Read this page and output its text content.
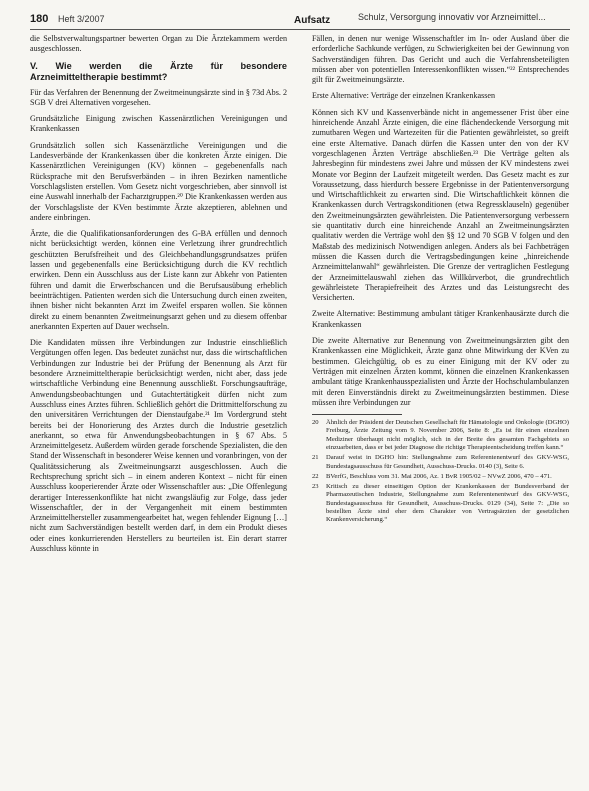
180 Heft 3/2007	Aufsatz	Schulz, Versorgung innovativ vor Arzneimittel...

die Selbstverwaltungspartner bewerten Organ zu Die Ärztekammern werden ausgeschlossen.

V. Wie werden die Ärzte für besondere Arzneimitteltherapie bestimmt?

Für das Verfahren der Benennung der Zweitmeinungsärzte sind in § 73d Abs. 2 SGB V drei Alternativen vorgesehen.

Grundsätzliche Einigung zwischen Kassenärztlichen Vereinigungen und Krankenkassen

Grundsätzlich sollen sich Kassenärztliche Vereinigungen und die Landesverbände der Krankenkassen über die konkreten Ärzte einigen. Die Kassenärztlichen Vereinigungen (KV) können – gegebenenfalls nach Rücksprache mit den Berufsverbänden – in ihren Bezirken namentliche Vorschlagslisten erstellen. Vom Gesetz nicht vorgeschrieben, aber sinnvoll ist eine Auswahl innerhalb der Facharztgruppen.²⁰ Die Krankenkassen werden aus der Vorschlagsliste der KVen bestimmte Ärzte akzeptieren, ablehnen und andere einbringen.

Ärzte, die die Qualifikationsanforderungen des G-BA erfüllen und dennoch nicht berücksichtigt werden, können eine Verletzung ihrer grundrechtlich geschützten Berufsfreiheit und des Gleichbehandlungsgrundsatzes prüfen lassen und gegebenenfalls eine Berücksichtigung durch die KV rechtlich erwirken. Denn ein Ausschluss aus der Liste kann zur Abkehr von Patienten führen und damit die Erwerbschancen und die Berufsausübung erheblich beeinträchtigen. Patienten werden sich die Untersuchung durch einen zweiten, ihnen bisher nicht bekannten Arzt im Zweifel ersparen wollen. Sie können direkt zu einem benannten Zweitmeinungsarzt gehen und zu diesem offenbar anerkannten Experten auf Dauer wechseln.

Die Kandidaten müssen ihre Verbindungen zur Industrie einschließlich Vergütungen offen legen. Das bedeutet zunächst nur, dass die wirtschaftlichen Verbindungen zur Industrie bei der Prüfung der Benennung als Arzt für besondere Arzneimitteltherapie berücksichtigt werden, nicht aber, dass jede wirtschaftliche Verbindung eine Benennung ausschließt. Forschungsaufträge, Anwendungsbeobachtungen und Gutachtertätigkeit dürfen nicht zum Ausschluss eines Arztes führen. Schließlich gehört die Drittmittelforschung zu den universitären Verrichtungen der Dienstaufgabe.²¹ Im Vordergrund steht bereits bei der Honorierung des Arztes durch die Industrie gesetzlich anerkannt, so etwa für Anwendungsbeobachtungen in § 67 Abs. 5 Arzneimittelgesetz. Außerdem würden gerade forschende Spezialisten, die den Stand der Wissenschaft in besonderer Weise kennen und voranbringen, von der Qualitätssicherung als Zweitmeinungsarzt ausgeschlossen. Auch die Rechtsprechung spricht sich – in einem anderen Kontext – nicht für einen Ausschluss kooperierender Ärzte oder Wissenschaftler aus: „Die Offenlegung derartiger Interessenkonflikte hat nicht zwangsläufig zur Folge, dass jeder Wissenschaftler, der in der Vergangenheit mit einem bestimmten Arzneimittelhersteller zusammengearbeitet hat, wegen fehlender Eignung […] nicht zum Sachverständigen bestellt werden darf, in dem ein Produkt dieses oder eines konkurrierenden Herstellers zu beurteilen ist. Ein derart starrer Ausschluss könnte in

Fällen, in denen nur wenige Wissenschaftler im In- oder Ausland über die erforderliche Sachkunde verfügen, zu Schwierigkeiten bei der Gewinnung von Sachverständigen führen. Das Gericht und auch die Verfahrensbeteiligten müssen aber von potentiellen Interessenkonflikten wissen.“²² Entsprechendes gilt für Zweitmeinungsärzte.

Erste Alternative: Verträge der einzelnen Krankenkassen

Können sich KV und Kassenverbände nicht in angemessener Frist über eine hinreichende Anzahl Ärzte einigen, die eine flächendeckende Versorgung mit zumutbaren Wegen und Wartezeiten für die Patienten gewährleistet, so greift eine erste Alternative. Danach dürfen die Kassen unter den von der KV vorgeschlagenen Ärzten Verträge abschließen.²³ Die Verträge gelten als Jahresbeginn für mindestens zwei Jahre und müssen der KV mindestens zwei Monate vor Beginn der Laufzeit mitgeteilt werden. Das Gesetz macht es zur Voraussetzung, dass hierdurch bessere Ergebnisse in der Patientenversorgung und Wirtschaftlichkeit zu erwarten sind. Die Wirtschaftlichkeit können die Krankenkassen durch Vertragskonditionen (etwa Regressklauseln) gegenüber den Zweitmeinungsärzten gewährleisten. Die Patientenversorgung verbessern sie quantitativ durch eine hinreichende Anzahl an Zweitmeinungsärzten qualitativ werden die Verträge wohl den §§ 12 und 70 SGB V folgen und den Maßstab des medizinisch Notwendigen anlegen. Anders als bei Fachbeträgen müssen die Kassen durch die Vertragsbedingungen keine „hinreichende Arzneimittelanwahl“ gewährleisten. Die Grenze der vertraglichen Festlegung der Arzneimittelauswahl ziehen das Willkürverbot, die grundrechtlich gewährleistete Therapiefreiheit des Arztes und das Leistungsrecht des Versicherten.

Zweite Alternative: Bestimmung ambulant tätiger Krankenhausärzte durch die Krankenkassen

Die zweite Alternative zur Benennung von Zweitmeinungsärzten gibt den Krankenkassen eine Möglichkeit, Ärzte ganz ohne Mitwirkung der KVen zu bestimmen. Gleichgültig, ob es zu einer Einigung mit der KV oder zu Verträgen mit einzelnen Ärzten kommt, können die einzelnen Krankenkassen ambulant tätige Krankenhausspezialisten und Ärzte der Hochschulambulanzen mit deren Einverständnis direkt zu Zweitmeinungsärzten bestimmen. Diese müssen ihre Verbindungen zur

20	Ähnlich der Präsident der Deutschen Gesellschaft für Hämatologie und Onkologie (DGHO) Freiburg, Ärzte Zeitung vom 9. November 2006, Seite 8: „Es ist für einen einzelnen Mediziner überhaupt nicht möglich, sich in der Breite des gesamten Fachgebiets so einzuarbeiten, dass er bei jeder Diagnose die richtige Therapieentscheidung treffen kann.“
21	Darauf weist in DGHO hin: Stellungnahme zum Referentenentwurf des GKV-WSG, Bundestagsausschuss für Gesundheit, Ausschuss-Drucks. 0140 (3), Seite 6.
22	BVerfG, Beschluss vom 31. Mai 2006, Az. 1 BvR 1905/02 – NVwZ 2006, 470 – 471.
23	Kritisch zu dieser einseitigen Option der Krankenkassen der Bundesverband der Pharmazeutischen Industrie, Stellungnahme zum Referentenentwurf des GKV-WSG, Bundestagsausschuss für Gesundheit, Ausschuss-Drucks. 0129 (34), Seite 7: „Die so bestellten Ärzte sind eher dem Charakter von Vertragsärzten der gesetzlichen Krankenversicherung.“
